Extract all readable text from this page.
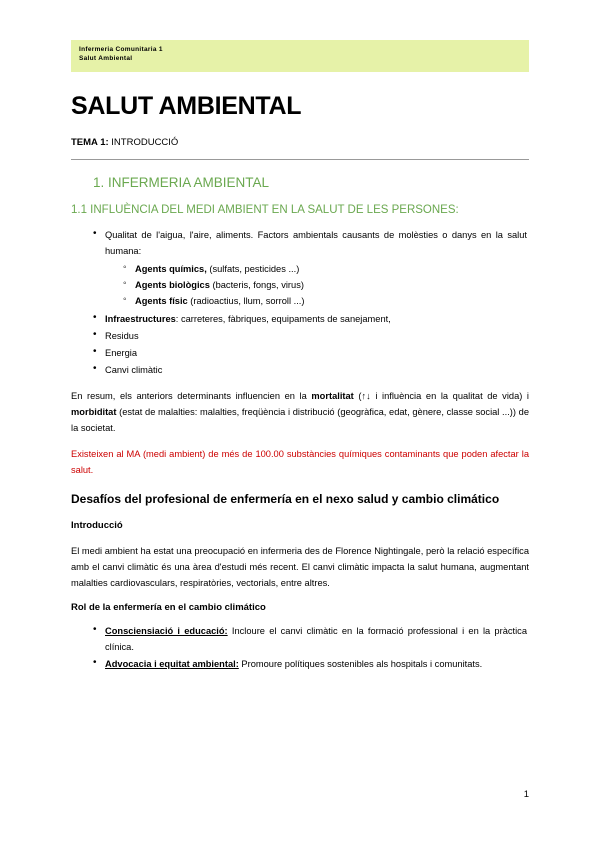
Infermeria Comunitaria 1
Salut Ambiental
SALUT AMBIENTAL

TEMA 1: INTRODUCCIÓ

1. INFERMERIA AMBIENTAL
1.1 INFLUÈNCIA DEL MEDI AMBIENT EN LA SALUT DE LES PERSONES:
• Qualitat de l'aigua, l'aire, aliments. Factors ambientals causants de molèsties o danys en la salut humana:
◦ Agents químics, (sulfats, pesticides ...)
◦ Agents biològics (bacteris, fongs, virus)
◦ Agents físic (radioactius, llum, sorroll ...)
• Infraestructures: carreteres, fàbriques, equipaments de sanejament,
• Residus
• Energia
• Canvi climàtic

En resum, els anteriors determinants influencien en la mortalitat (↑↓ i influència en la qualitat de vida) i morbiditat (estat de malalties: malalties, freqüència i distribució (geogràfica, edat, gènere, classe social ...)) de la societat.

Existeixen al MA (medi ambient) de més de 100.00 substàncies químiques contaminants que poden afectar la salut.

Desafíos del profesional de enfermería en el nexo salud y cambio climático
Introducció

El medi ambient ha estat una preocupació en infermeria des de Florence Nightingale, però la relació específica amb el canvi climàtic és una àrea d'estudi més recent. El canvi climàtic impacta la salut humana, augmentant malalties cardiovasculars, respiratòries, vectorials, entre altres.

Rol de la enfermería en el cambio climático
• Consciensiació i educació: Incloure el canvi climàtic en la formació professional i en la pràctica clínica.
• Advocacia i equitat ambiental: Promoure polítiques sostenibles als hospitals i comunitats.
1
